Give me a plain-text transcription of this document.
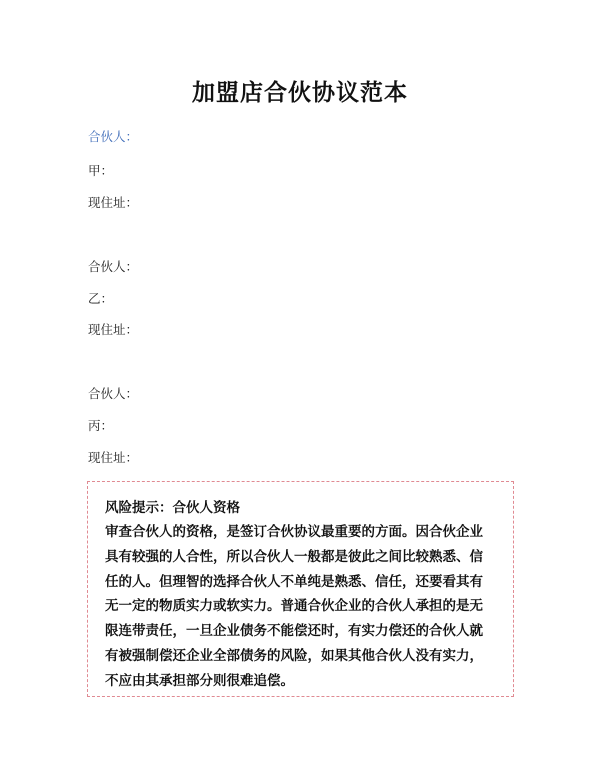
加盟店合伙协议范本
合伙人：
甲：
现住址：
合伙人：
乙：
现住址：
合伙人：
丙：
现住址：
风险提示：合伙人资格
审查合伙人的资格，是签订合伙协议最重要的方面。因合伙企业
具有较强的人合性，所以合伙人一般都是彼此之间比较熟悉、信
任的人。但理智的选择合伙人不单纯是熟悉、信任，还要看其有
无一定的物质实力或软实力。普通合伙企业的合伙人承担的是无
限连带责任，一旦企业债务不能偿还时，有实力偿还的合伙人就
有被强制偿还企业全部债务的风险，如果其他合伙人没有实力，
不应由其承担部分则很难追偿。
